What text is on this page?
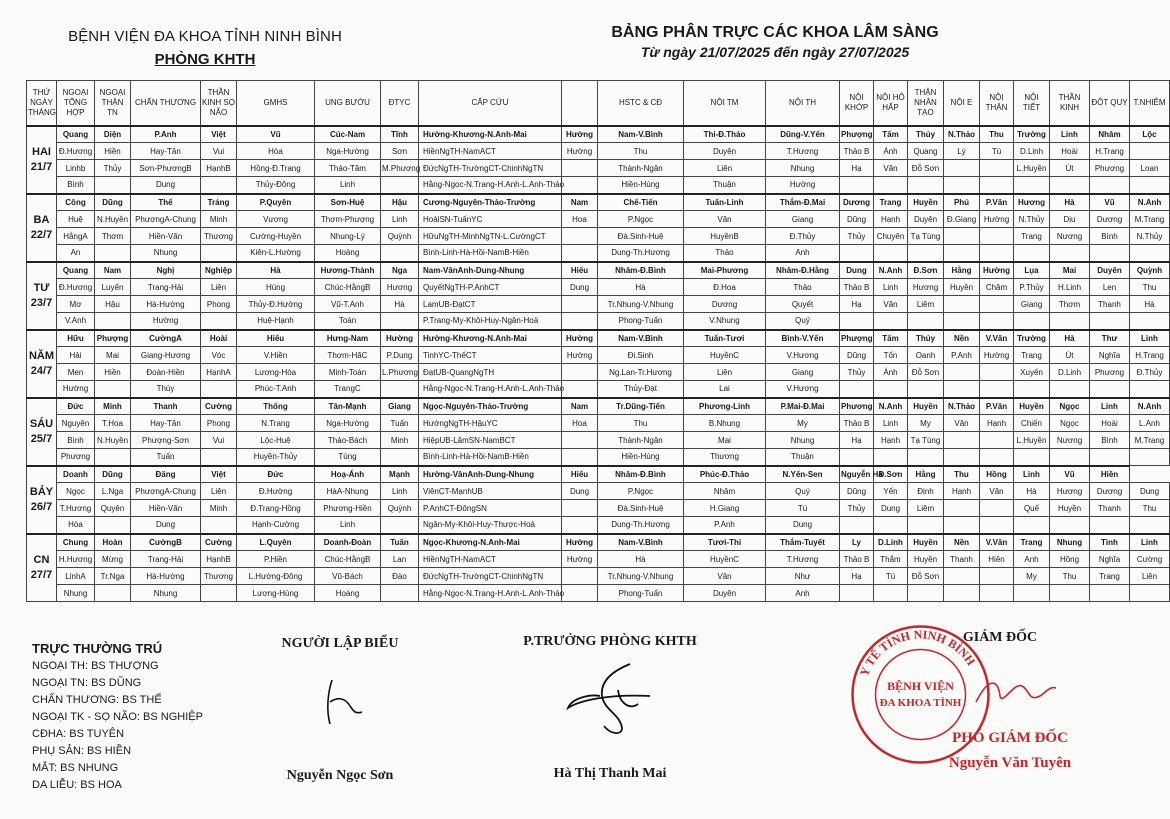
BỆNH VIỆN ĐA KHOA TỈNH NINH BÌNH
PHÒNG KHTH
BẢNG PHÂN TRỰC CÁC KHOA LÂM SÀNG
Từ ngày 21/07/2025 đến ngày 27/07/2025
THỨ NGÀY THÁNG	NGOẠI TỔNG HỢP	NGOẠI THẬN TN	CHẤN THƯƠNG	THẦN KINH SỌ NÃO	GMHS	UNG BƯỚU	ĐTYC	CẤP CỨU		HSTC & CĐ	NỘI TM	NỘI TH	NỘI KHỚP	NỘI HÔ HẤP	THẬN NHÂN TẠO	NỘI E	NỘI THẬN	NỘI TIẾT	THẦN KINH	ĐỘT QUỴ	T.NHIỄM
HAI 21/7	Quang	Diện	P.Anh	Việt	Vũ	Cúc-Nam	Tĩnh	Hường-Khương-N.Anh-Mai	Hường	Nam-V.Bình	Thi-Đ.Thảo	Dũng-V.Yến	Phượng	Tấm	Thủy	N.Thảo	Thu	Trường	Linh	Nhâm	Lộc
	Đ.Hương	Hiền	Hay-Tân	Vui	Hòa	Nga-Hường	Sơn	HiềnNgTH-NamACT	Hường	Thu	Duyên	T.Hương	Thảo B	Ánh	Quang	Lý	Tú	D.Linh	Hoài	H.Trang	
	Linhb	Thủy	Sơn-PhươngB	HạnhB	Hồng-Đ.Trang	Thảo-Tâm	M.Phương	ĐứcNgTH-TrườngCT-ChinhNgTN		Thành-Ngân	Liên	Nhung	Hạ	Văn	Đỗ Sơn			L.Huyền	Út	Phương	Loan
	Bình		Dung		Thủy-Đông	Linh		Hằng-Ngọc-N.Trang-H.Anh-L.Anh-Thảo		Hiền-Hùng	Thuận	Hường									
BA 22/7	Công	Dũng	Thế	Tráng	P.Quyên	Sơn-Huệ	Hậu	Cương-Nguyên-Thảo-Trường	Nam	Chế-Tiến	Tuấn-Linh	Thắm-Đ.Mai	Dương	Trang	Huyền	Phú	P.Văn	Hương	Hà	Vũ	N.Anh
	Huệ	N.Huyền	PhươngA-Chung	Minh	Vương	Thơm-Phượng	Linh	HoàiSN-TuấnYC	Hoa	P.Ngọc	Vân	Giang	Dũng	Hạnh	Duyên	Đ.Giang	Hường	N.Thủy	Dịu	Dương	M.Trang
	HằngA	Thơm	Hiền-Văn	Thương	Cường-Huyền	Nhung-Lý	Quỳnh	HữuNgTH-MinhNgTN-L.CườngCT		Đà.Sinh-Huệ	HuyềnB	Đ.Thủy	Thủy	Chuyên	Tạ Tùng			Trang	Nương	Bình	N.Thủy
	An		Nhung		Kiên-L.Hường	Hoàng		Bình-Linh-Hà-Hồi-NamB-Hiền		Dung-Th.Hương	Thảo	Anh									
TƯ 23/7	Quang	Nam	Nghị	Nghiệp	Hà	Hương-Thành	Nga	Nam-VânAnh-Dung-Nhung	Hiếu	Nhâm-Đ.Bình	Mai-Phương	Nhâm-Đ.Hằng	Dung	N.Anh	Đ.Sơn	Hằng	Hường	Lụa	Mai	Duyên	Quỳnh
	Đ.Hương	Luyến	Trang-Hải	Liên	Hùng	Chúc-HằngB	Hương	QuyếtNgTH-P.AnhCT	Dung	Hà	Đ.Hoa	Thảo	Thảo B	Linh	Hương	Huyền	Châm	P.Thủy	H.Linh	Len	Thu
	Mơ	Hậu	Hà-Hường	Phong	Thủy-Đ.Hường	Vũ-T.Anh	Hà	LamUB-ĐạtCT		Tr.Nhung-V.Nhung	Dương	Quyết	Hạ	Văn	Liêm			Giang	Thơm	Thanh	Hà
	V.Anh		Hường		Huệ-Hạnh	Toàn		P.Trang-My-Khôi-Huy-Ngân-Hoà		Phong-Tuấn	V.Nhung	Quý									
NĂM 24/7	Hữu	Phượng	CườngA	Hoài	Hiếu	Hưng-Nam	Hường	Hường-Khương-N.Anh-Mai	Hường	Nam-V.Bình	Tuấn-Tươi	Bình-V.Yến	Phượng	Tấm	Thủy	Nền	V.Văn	Trường	Hà	Thư	Linh
	Hải	Mai	Giang-Hương	Vóc	V.Hiền	Thơm-HăC	P.Dung	TinhYC-ThếCT	Hường	Đi.Sinh	HuyềnC	V.Hương	Dũng	Tốn	Oanh	P.Anh	Hường	Trang	Út	Nghĩa	H.Trang
	Men	Hiền	Đoàn-Hiền	HạnhA	Lương-Hòa	Minh-Toàn	L.Phương	ĐạtUB-QuangNgTH		Ng.Lan-Tr.Hương	Liên	Giang	Thủy	Ánh	Đỗ Sơn			Xuyến	D.Linh	Phương	Đ.Thủy
	Hường		Thúy		Phúc-T.Anh	TrangC		Hằng-Ngọc-N.Trang-H.Anh-L.Anh-Thảo		Thủy-Đạt	Lai	V.Hương									
SÁU 25/7	Đức	Minh	Thanh	Cường	Thống	Tân-Mạnh	Giang	Ngọc-Nguyên-Thảo-Trường	Nam	Tr.Dũng-Tiến	Phương-Linh	P.Mai-Đ.Mai	Phương	N.Anh	Huyền	N.Thảo	P.Văn	Huyền	Ngọc	Linh	N.Anh
	Nguyên	T.Hoa	Hay-Tân	Phong	N.Trang	Nga-Hường	Tuấn	HướngNgTH-HậuYC	Hoa	Thu	B.Nhung	My	Thảo B	Linh	My	Văn	Hạnh	Chiến	Ngọc	Hoài	L.Anh
	Bình	N.Huyền	Phượng-Sơn	Vui	Lộc-Huệ	Thảo-Bách	Minh	HiệpUB-LâmSN-NamBCT		Thành-Ngân	Mai	Nhung	Hạ	Hạnh	Tạ Tùng			L.Huyền	Nương	Bình	M.Trang
	Phượng		Tuấn		Huyền-Thủy	Tùng		Bình-Linh-Hà-Hồi-NamB-Hiền		Hiền-Hùng	Thương	Thuận									
BẢY 26/7	Doanh	Dũng	Đăng	Việt	Đức	Hoạ-Ánh	Mạnh	Hường-VânAnh-Dung-Nhung	Hiếu	Nhâm-Đ.Bình	Phúc-Đ.Thảo	N.Yến-Sen	Nguyễn Hà	Đ.Sơn	Hằng	Thu	Hồng	Linh	Vũ	Hiền	
	Ngọc	L.Nga	PhươngA-Chung	Liên	Đ.Hường	HàA-Nhung	Linh	ViênCT-MạnhUB	Dung	P.Ngọc	Nhâm	Quý	Dũng	Yến	Định	Hạnh	Vân	Hà	Hương	Dương	Dung
	T.Hương	Quyên	Hiền-Văn	Minh	Đ.Trang-Hồng	Phương-Hiền	Quỳnh	P.AnhCT-ĐôngSN		Đà.Sinh-Huệ	H.Giang	Tú	Thủy	Dung	Liêm			Quế	Huyền	Thanh	Thu
	Hòa		Dung		Hạnh-Cường	Linh		Ngân-My-Khôi-Huy-Thược-Hoà		Dung-Th.Hương	P.Anh	Dung									
CN 27/7	Chung	Hoàn	CườngB	Cường	L.Quyên	Doanh-Đoàn	Tuấn	Ngọc-Khương-N.Anh-Mai	Hường	Nam-V.Bình	Tươi-Thi	Thắm-Tuyết	Ly	D.Linh	Huyền	Nền	V.Văn	Trang	Nhung	Tình	Linh
	H.Hương	Mừng	Trang-Hải	HạnhB	P.Hiền	Chúc-HằngB	Lan	HiềnNgTH-NamACT	Hường	Hà	HuyềnC	T.Hương	Thảo B	Thắm	Huyền	Thanh	Hiền	Anh	Hồng	Nghĩa	Cường
	LinhA	Tr.Nga	Hà-Hường	Thương	L.Hường-Đông	Vũ-Bách	Đào	ĐứcNgTH-TrườngCT-ChinhNgTN		Tr.Nhung-V.Nhung	Vân	Như	Hạ	Tú	Đỗ Sơn			My	Thu	Trang	Liên
	Nhung		Nhung		Lương-Hùng	Hoàng		Hằng-Ngọc-N.Trang-H.Anh-L.Anh-Thảo		Phong-Tuấn	Duyên	Anh									
TRỰC THƯỜNG TRÚ
NGOẠI TH: BS THƯỢNG
NGOẠI TN: BS DŨNG
CHẤN THƯƠNG: BS THẾ
NGOẠI TK - SỌ NÃO: BS NGHIỆP
CĐHA: BS TUYÊN
PHỤ SẢN: BS HIỀN
MẮT: BS NHUNG
DA LIỄU: BS HOA
NGƯỜI LẬP BIỂU
Nguyễn Ngọc Sơn
P.TRƯỞNG PHÒNG KHTH
Hà Thị Thanh Mai
Y TẾ TỈNH NINH BÌNH
BỆNH VIỆN
ĐA KHOA TỈNH
GIÁM ĐỐC
PHÓ GIÁM ĐỐC
Nguyễn Văn Tuyên
